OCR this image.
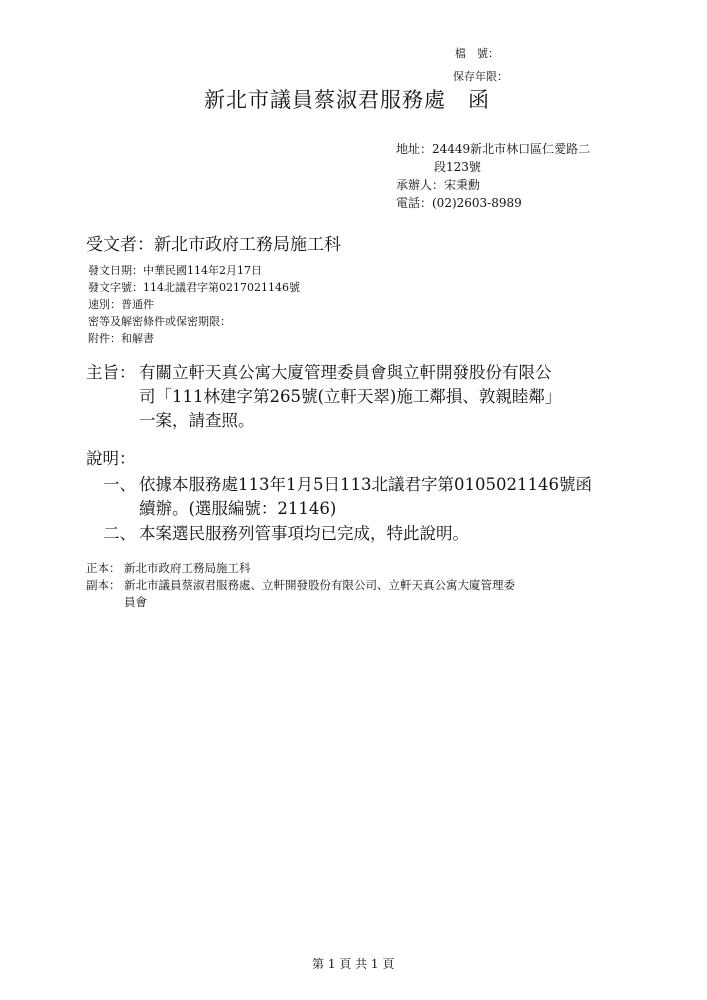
檔　號：
保存年限：
新北市議員蔡淑君服務處　函
地址：24449新北市林口區仁愛路二
段123號
承辦人：宋秉勳
電話：(02)2603-8989
受文者：新北市政府工務局施工科
發文日期：中華民國114年2月17日
發文字號：114北議君字第0217021146號
速別：普通件
密等及解密條件或保密期限：
附件：和解書
主旨： 有關立軒天真公寓大廈管理委員會與立軒開發股份有限公
司「111林建字第265號(立軒天翠)施工鄰損、敦親睦鄰」
一案，請查照。
說明：
一、 依據本服務處113年1月5日113北議君字第0105021146號函
續辦。(選服編號：21146)
二、 本案選民服務列管事項均已完成，特此說明。
正本： 新北市政府工務局施工科
副本： 新北市議員蔡淑君服務處、立軒開發股份有限公司、立軒天真公寓大廈管理委
員會
第 1 頁 共 1 頁
